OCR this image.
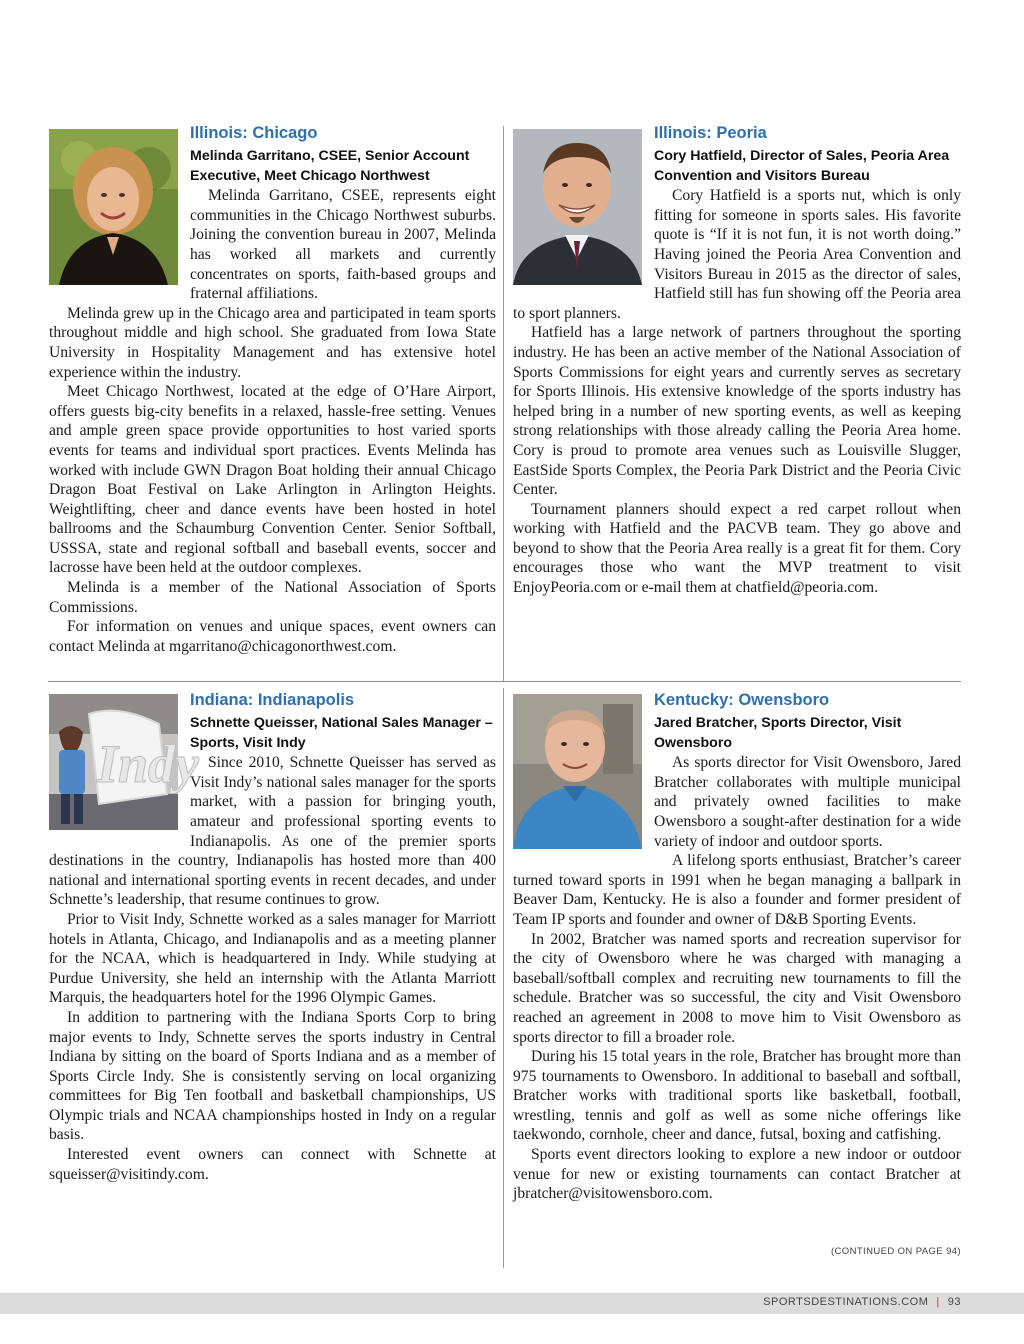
Illinois: Chicago
Melinda Garritano, CSEE, Senior Account Executive, Meet Chicago Northwest

Melinda Garritano, CSEE, represents eight communities in the Chicago Northwest suburbs. Joining the convention bureau in 2007, Melinda has worked all markets and currently concentrates on sports, faith-based groups and fraternal affiliations.

Melinda grew up in the Chicago area and participated in team sports throughout middle and high school. She graduated from Iowa State University in Hospitality Management and has extensive hotel experience within the industry.

Meet Chicago Northwest, located at the edge of O’Hare Airport, offers guests big-city benefits in a relaxed, hassle-free setting. Venues and ample green space provide opportunities to host varied sports events for teams and individual sport practices. Events Melinda has worked with include GWN Dragon Boat holding their annual Chicago Dragon Boat Festival on Lake Arlington in Arlington Heights. Weightlifting, cheer and dance events have been hosted in hotel ballrooms and the Schaumburg Convention Center. Senior Softball, USSSA, state and regional softball and baseball events, soccer and lacrosse have been held at the outdoor complexes.

Melinda is a member of the National Association of Sports Commissions.

For information on venues and unique spaces, event owners can contact Melinda at mgarritano@chicagonorthwest.com.

Illinois: Peoria
Cory Hatfield, Director of Sales, Peoria Area Convention and Visitors Bureau

Cory Hatfield is a sports nut, which is only fitting for someone in sports sales. His favorite quote is “If it is not fun, it is not worth doing.” Having joined the Peoria Area Convention and Visitors Bureau in 2015 as the director of sales, Hatfield still has fun showing off the Peoria area to sport planners.

Hatfield has a large network of partners throughout the sporting industry. He has been an active member of the National Association of Sports Commissions for eight years and currently serves as secretary for Sports Illinois. His extensive knowledge of the sports industry has helped bring in a number of new sporting events, as well as keeping strong relationships with those already calling the Peoria Area home. Cory is proud to promote area venues such as Louisville Slugger, EastSide Sports Complex, the Peoria Park District and the Peoria Civic Center.

Tournament planners should expect a red carpet rollout when working with Hatfield and the PACVB team. They go above and beyond to show that the Peoria Area really is a great fit for them. Cory encourages those who want the MVP treatment to visit EnjoyPeoria.com or e-mail them at chatfield@peoria.com.

Indy
Indiana: Indianapolis
Schnette Queisser, National Sales Manager – Sports, Visit Indy

Since 2010, Schnette Queisser has served as Visit Indy’s national sales manager for the sports market, with a passion for bringing youth, amateur and professional sporting events to Indianapolis. As one of the premier sports destinations in the country, Indianapolis has hosted more than 400 national and international sporting events in recent decades, and under Schnette’s leadership, that resume continues to grow.

Prior to Visit Indy, Schnette worked as a sales manager for Marriott hotels in Atlanta, Chicago, and Indianapolis and as a meeting planner for the NCAA, which is headquartered in Indy. While studying at Purdue University, she held an internship with the Atlanta Marriott Marquis, the headquarters hotel for the 1996 Olympic Games.

In addition to partnering with the Indiana Sports Corp to bring major events to Indy, Schnette serves the sports industry in Central Indiana by sitting on the board of Sports Indiana and as a member of Sports Circle Indy. She is consistently serving on local organizing committees for Big Ten football and basketball championships, US Olympic trials and NCAA championships hosted in Indy on a regular basis.

Interested event owners can connect with Schnette at squeisser@visitindy.com.

Kentucky: Owensboro
Jared Bratcher, Sports Director, Visit Owensboro

As sports director for Visit Owensboro, Jared Bratcher collaborates with multiple municipal and privately owned facilities to make Owensboro a sought-after destination for a wide variety of indoor and outdoor sports.

A lifelong sports enthusiast, Bratcher’s career turned toward sports in 1991 when he began managing a ballpark in Beaver Dam, Kentucky. He is also a founder and former president of Team IP sports and founder and owner of D&B Sporting Events.

In 2002, Bratcher was named sports and recreation supervisor for the city of Owensboro where he was charged with managing a baseball/softball complex and recruiting new tournaments to fill the schedule. Bratcher was so successful, the city and Visit Owensboro reached an agreement in 2008 to move him to Visit Owensboro as sports director to fill a broader role.

During his 15 total years in the role, Bratcher has brought more than 975 tournaments to Owensboro. In additional to baseball and softball, Bratcher works with traditional sports like basketball, football, wrestling, tennis and golf as well as some niche offerings like taekwondo, cornhole, cheer and dance, futsal, boxing and catfishing.

Sports event directors looking to explore a new indoor or outdoor venue for new or existing tournaments can contact Bratcher at jbratcher@visitowensboro.com.

(CONTINUED ON PAGE 94)
SPORTSDESTINATIONS.COM | 93
